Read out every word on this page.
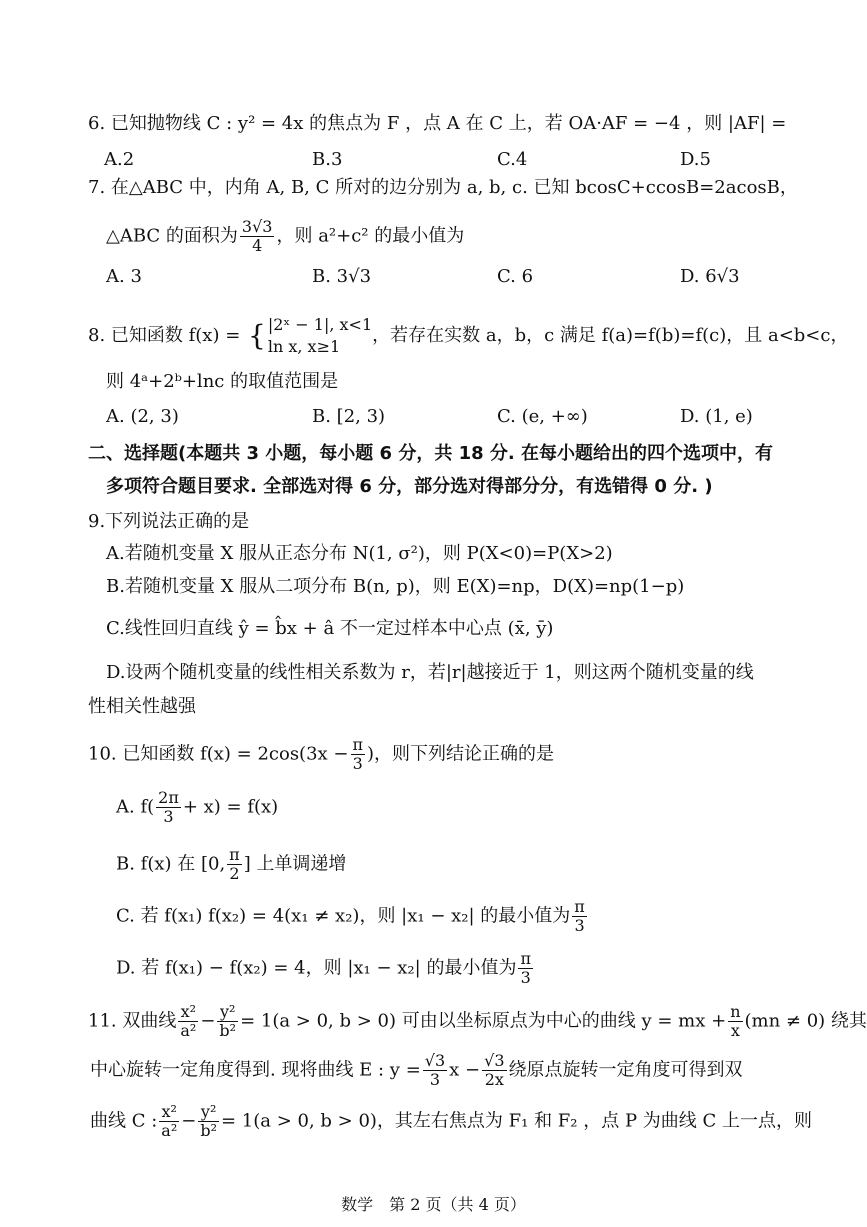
6. 已知抛物线 C : y² = 4x 的焦点为 F ，点 A 在 C 上，若 OA·AF = −4 ，则 |AF| =
A.2	B.3	C.4	D.5
7. 在△ABC 中，内角 A, B, C 所对的边分别为 a, b, c. 已知 bcosC+ccosB=2acosB，
△ABC 的面积为 $\frac{3√3}{4}$ ，则 a²+c² 的最小值为
A. 3	B. 3√3	C. 6	D. 6√3
8. 已知函数 f(x) = { |2ˣ − 1|, x<1
ln x, x≥1
，若存在实数 a，b，c 满足 f(a)=f(b)=f(c)，且 a<b<c，
则 4ᵃ+2ᵇ+lnc 的取值范围是
A. (2, 3)	B. [2, 3)	C. (e, +∞)	D. (1, e)
二、选择题(本题共 3 小题，每小题 6 分，共 18 分. 在每小题给出的四个选项中，有
多项符合题目要求. 全部选对得 6 分，部分选对得部分分，有选错得 0 分. )
9.下列说法正确的是
A.若随机变量 X 服从正态分布 N(1, σ²)，则 P(X<0)=P(X>2)
B.若随机变量 X 服从二项分布 B(n, p)，则 E(X)=np，D(X)=np(1−p)
C.线性回归直线 ŷ = b̂x + â 不一定过样本中心点 (x̄, ȳ)
D.设两个随机变量的线性相关系数为 r，若|r|越接近于 1，则这两个随机变量的线
性相关性越强
10. 已知函数 $f(x) = 2\cos(3x - \frac{\pi}{3}$ )，则下列结论正确的是
A. $f( \frac{2\pi}{3} + x) = f(x)$
B. f(x) 在 [0, $\frac{\pi}{2}$ ] 上单调递增
C. 若 f(x₁) f(x₂) = 4(x₁ ≠ x₂)，则 |x₁ − x₂| 的最小值为 $\frac{\pi}{3}$
D. 若 f(x₁) − f(x₂) = 4，则 |x₁ − x₂| 的最小值为 $\frac{\pi}{3}$
11. 双曲线 $\frac{\text{x²}}{\text{a²}} - \frac{\text{y²}}{\text{b²}} = 1(a > 0$, b > 0) 可由以坐标原点为中心的曲线 y = mx + $\frac{n}{x} (mn \ne 0)$ 绕其
中心旋转一定角度得到. 现将曲线 E : $y = \frac{√3}{3}$ $x - \frac{√3}{2x}$ 绕原点旋转一定角度可得到双
曲线 C : $\frac{\text{x²}}{\text{a²}} - \frac{\text{y²}}{\text{b²}} = 1(a > 0$, b > 0)，其左右焦点为 F₁ 和 F₂ ，点 P 为曲线 C 上一点，则
数学　第 2 页（共 4 页）
